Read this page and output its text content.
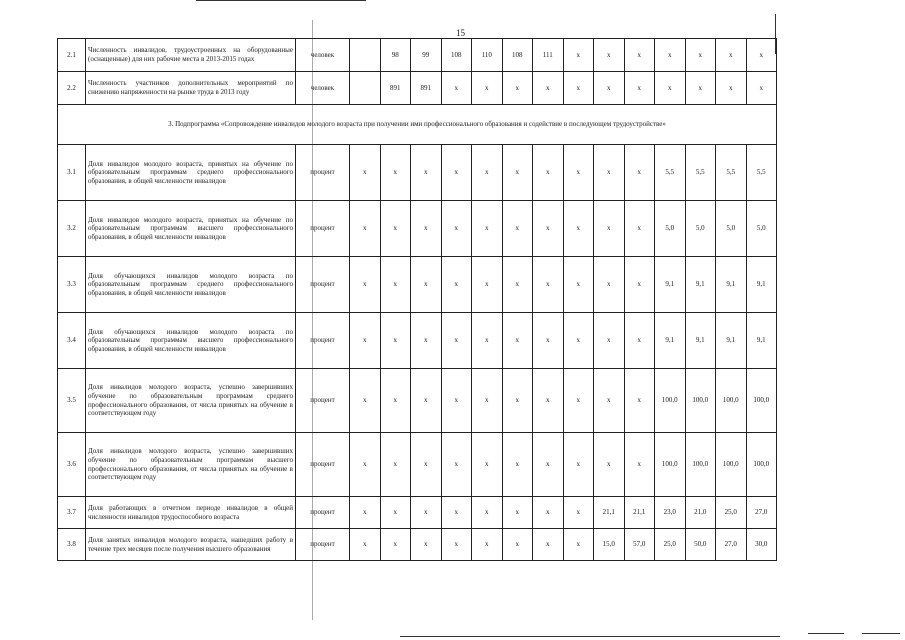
15
2.1	Численность инвалидов, трудоустроенных на оборудованные (оснащенные) для них рабочие места в 2013-2015 годах	человек		98	99	108	110	108	111	х	х	х	х	х	х	х
2.2	Численность участников дополнительных мероприятий по снижению напряженности на рынке труда в 2013 году	человек		891	891	х	х	х	х	х	х	х	х	х	х	х
3. Подпрограмма «Сопровождение инвалидов молодого возраста при получении ими профессионального образования и содействие в последующем трудоустройстве»																
3.1	Доля инвалидов молодого возраста, принятых на обучение по образовательным программам среднего профессионального образования, в общей численности инвалидов	процент	х	х	х	х	х	х	х	х	х	х	5,5	5,5	5,5	5,5
3.2	Доля инвалидов молодого возраста, принятых на обучение по образовательным программам высшего профессионального образования, в общей численности инвалидов	процент	х	х	х	х	х	х	х	х	х	х	5,0	5,0	5,0	5,0
3.3	Доля обучающихся инвалидов молодого возраста по образовательным программам среднего профессионального образования, в общей численности инвалидов	процент	х	х	х	х	х	х	х	х	х	х	9,1	9,1	9,1	9,1
3.4	Доля обучающихся инвалидов молодого возраста по образовательным программам высшего профессионального образования, в общей численности инвалидов	процент	х	х	х	х	х	х	х	х	х	х	9,1	9,1	9,1	9,1
3.5	Доля инвалидов молодого возраста, успешно завершивших обучение по образовательным программам среднего профессионального образования, от числа принятых на обучение в соответствующем году	процент	х	х	х	х	х	х	х	х	х	х	100,0	100,0	100,0	100,0
3.6	Доля инвалидов молодого возраста, успешно завершивших обучение по образовательным программам высшего профессионального образования, от числа принятых на обучение в соответствующем году	процент	х	х	х	х	х	х	х	х	х	х	100,0	100,0	100,0	100,0
3.7	Доля работающих в отчетном периоде инвалидов в общей численности инвалидов трудоспособного возраста	процент	х	х	х	х	х	х	х	х	21,1	21,1	23,0	21,0	25,0	27,0
3.8	Доля занятых инвалидов молодого возраста, нашедших работу в течение трех месяцев после получения высшего образования	процент	х	х	х	х	х	х	х	х	15,0	57,0	25,0	50,0	27,0	30,0
